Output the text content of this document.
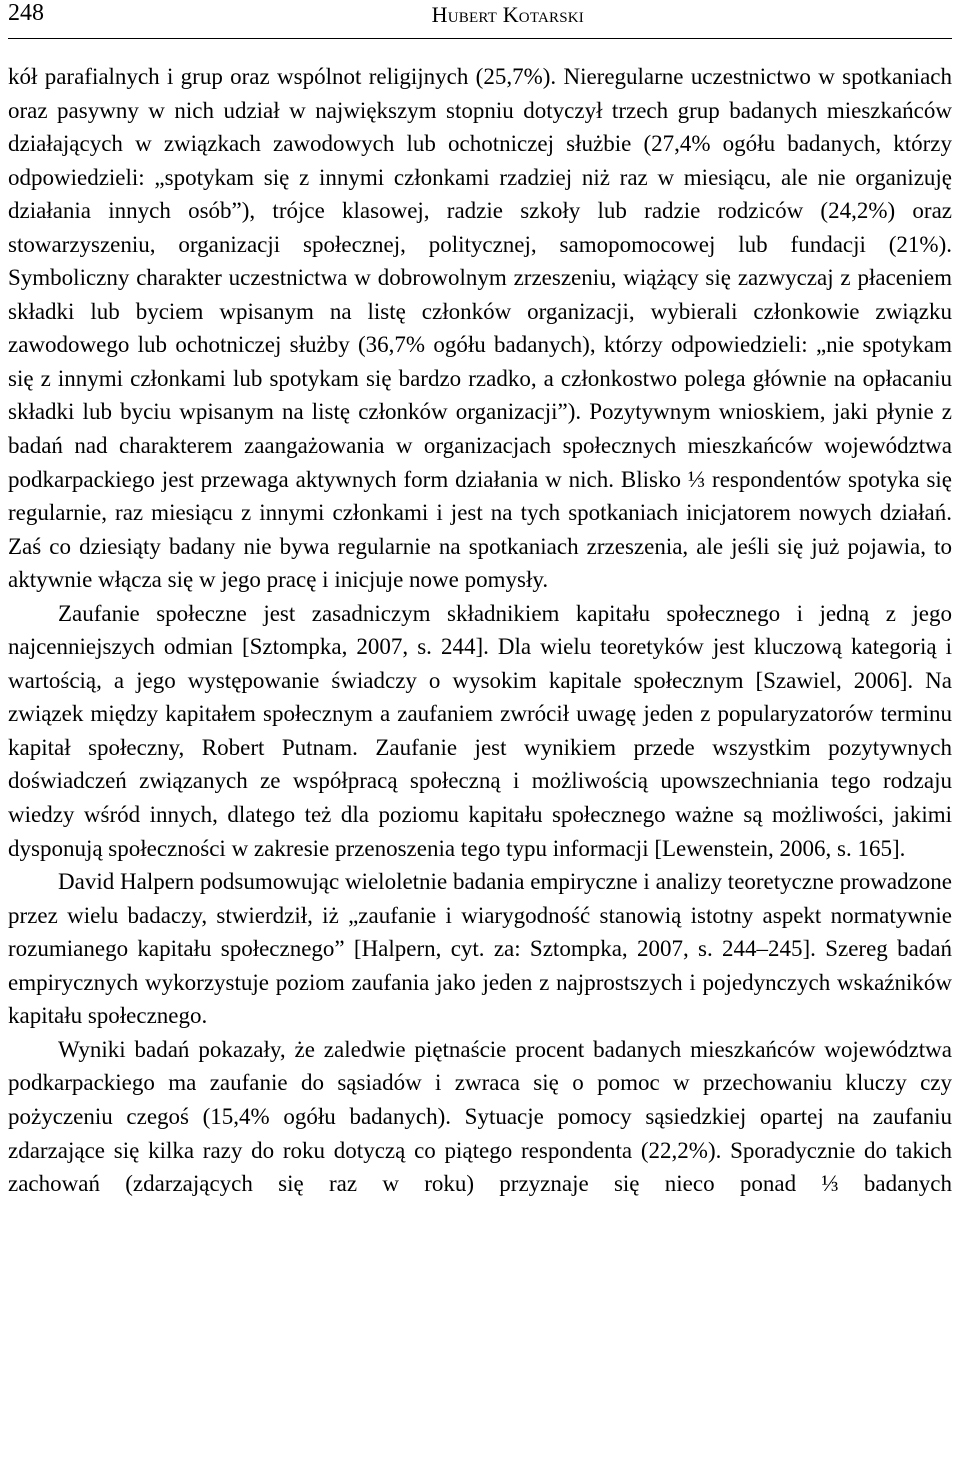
248	Hubert Kotarski

kół parafialnych i grup oraz wspólnot religijnych (25,7%). Nieregularne uczestnictwo w spotkaniach oraz pasywny w nich udział w największym stopniu dotyczył trzech grup badanych mieszkańców działających w związkach zawodowych lub ochotniczej służbie (27,4% ogółu badanych, którzy odpowiedzieli: „spotykam się z innymi członkami rzadziej niż raz w miesiącu, ale nie organizuję działania innych osób”), trójce klasowej, radzie szkoły lub radzie rodziców (24,2%) oraz stowarzyszeniu, organizacji społecznej, politycznej, samopomocowej lub fundacji (21%). Symboliczny charakter uczestnictwa w dobrowolnym zrzeszeniu, wiążący się zazwyczaj z płaceniem składki lub byciem wpisanym na listę członków organizacji, wybierali członkowie związku zawodowego lub ochotniczej służby (36,7% ogółu badanych), którzy odpowiedzieli: „nie spotykam się z innymi członkami lub spotykam się bardzo rzadko, a członkostwo polega głównie na opłacaniu składki lub byciu wpisanym na listę członków organizacji”). Pozytywnym wnioskiem, jaki płynie z badań nad charakterem zaangażowania w organizacjach społecznych mieszkańców województwa podkarpackiego jest przewaga aktywnych form działania w nich. Blisko ⅓ respondentów spotyka się regularnie, raz miesiącu z innymi członkami i jest na tych spotkaniach inicjatorem nowych działań. Zaś co dziesiąty badany nie bywa regularnie na spotkaniach zrzeszenia, ale jeśli się już pojawia, to aktywnie włącza się w jego pracę i inicjuje nowe pomysły.

Zaufanie społeczne jest zasadniczym składnikiem kapitału społecznego i jedną z jego najcenniejszych odmian [Sztompka, 2007, s. 244]. Dla wielu teoretyków jest kluczową kategorią i wartością, a jego występowanie świadczy o wysokim kapitale społecznym [Szawiel, 2006]. Na związek między kapitałem społecznym a zaufaniem zwrócił uwagę jeden z popularyzatorów terminu kapitał społeczny, Robert Putnam. Zaufanie jest wynikiem przede wszystkim pozytywnych doświadczeń związanych ze współpracą społeczną i możliwością upowszechniania tego rodzaju wiedzy wśród innych, dlatego też dla poziomu kapitału społecznego ważne są możliwości, jakimi dysponują społeczności w zakresie przenoszenia tego typu informacji [Lewenstein, 2006, s. 165].

David Halpern podsumowując wieloletnie badania empiryczne i analizy teoretyczne prowadzone przez wielu badaczy, stwierdził, iż „zaufanie i wiarygodność stanowią istotny aspekt normatywnie rozumianego kapitału społecznego” [Halpern, cyt. za: Sztompka, 2007, s. 244–245]. Szereg badań empirycznych wykorzystuje poziom zaufania jako jeden z najprostszych i pojedynczych wskaźników kapitału społecznego.

Wyniki badań pokazały, że zaledwie piętnaście procent badanych mieszkańców województwa podkarpackiego ma zaufanie do sąsiadów i zwraca się o pomoc w przechowaniu kluczy czy pożyczeniu czegoś (15,4% ogółu badanych). Sytuacje pomocy sąsiedzkiej opartej na zaufaniu zdarzające się kilka razy do roku dotyczą co piątego respondenta (22,2%). Sporadycznie do takich zachowań (zdarzających się raz w roku) przyznaje się nieco ponad ⅓ badanych
